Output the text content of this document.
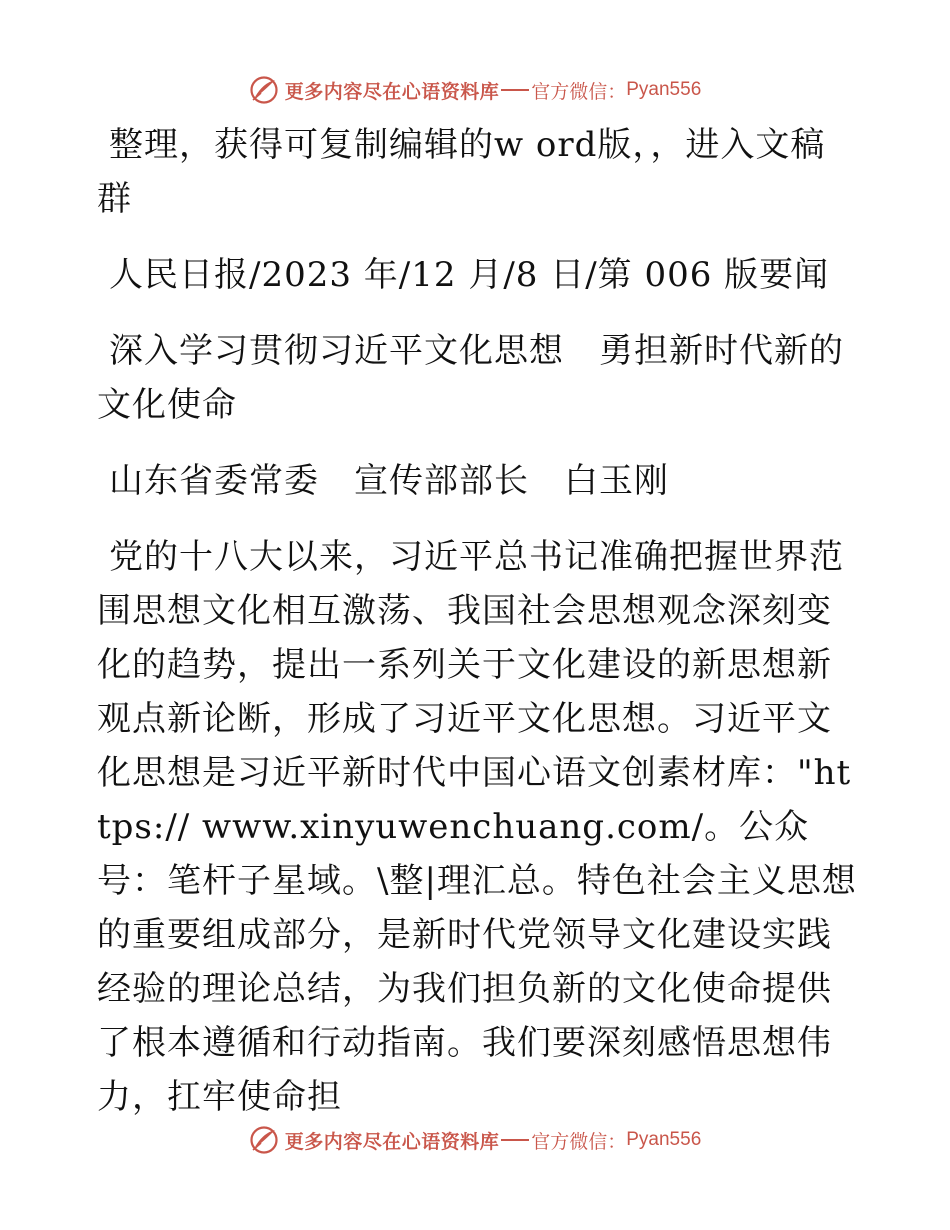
更多内容尽在心语资料库 官方微信： Pyan556

整理，获得可复制编辑的w ord版，，进入文稿群

人民日报/2023 年/12 月/8 日/第 006 版要闻

深入学习贯彻习近平文化思想　勇担新时代新的文化使命

山东省委常委　宣传部部长　白玉刚

党的十八大以来，习近平总书记准确把握世界范围思想文化相互激荡、我国社会思想观念深刻变化的趋势，提出一系列关于文化建设的新思想新观点新论断，形成了习近平文化思想。习近平文化思想是习近平新时代中国心语文创素材库："https:// www.xinyuwenchuang.com/。公众号：笔杆子星域。\整|理汇总。特色社会主义思想的重要组成部分，是新时代党领导文化建设实践经验的理论总结，为我们担负新的文化使命提供了根本遵循和行动指南。我们要深刻感悟思想伟力，扛牢使命担

更多内容尽在心语资料库 官方微信： Pyan556
